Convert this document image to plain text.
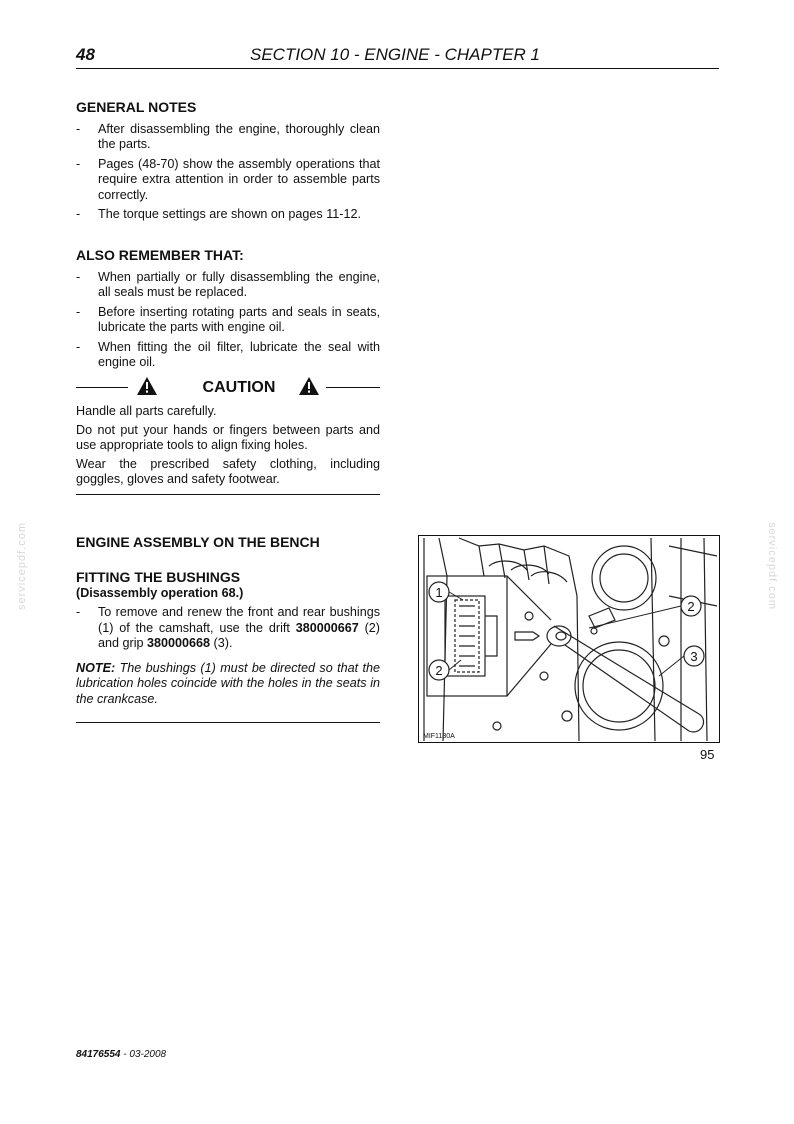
48	SECTION 10 - ENGINE - CHAPTER 1
GENERAL NOTES
- After disassembling the engine, thoroughly clean the parts.
- Pages (48-70) show the assembly operations that require extra attention in order to assemble parts correctly.
- The torque settings are shown on pages 11-12.
ALSO REMEMBER THAT:
- When partially or fully disassembling the engine, all seals must be replaced.
- Before inserting rotating parts and seals in seats, lubricate the parts with engine oil.
- When fitting the oil filter, lubricate the seal with engine oil.
CAUTION

Handle all parts carefully.

Do not put your hands or fingers between parts and use appropriate tools to align fixing holes.

Wear the prescribed safety clothing, including goggles, gloves and safety footwear.

ENGINE ASSEMBLY ON THE BENCH
FITTING THE BUSHINGS
(Disassembly operation 68.)
- To remove and renew the front and rear bushings (1) of the camshaft, use the drift 380000667 (2) and grip 380000668 (3).

NOTE: The bushings (1) must be directed so that the lubrication holes coincide with the holes in the seats in the crankcase.

1
2
2
3
MIF1130A
95
84176554 - 03-2008
servicepdf.com	servicepdf.com
